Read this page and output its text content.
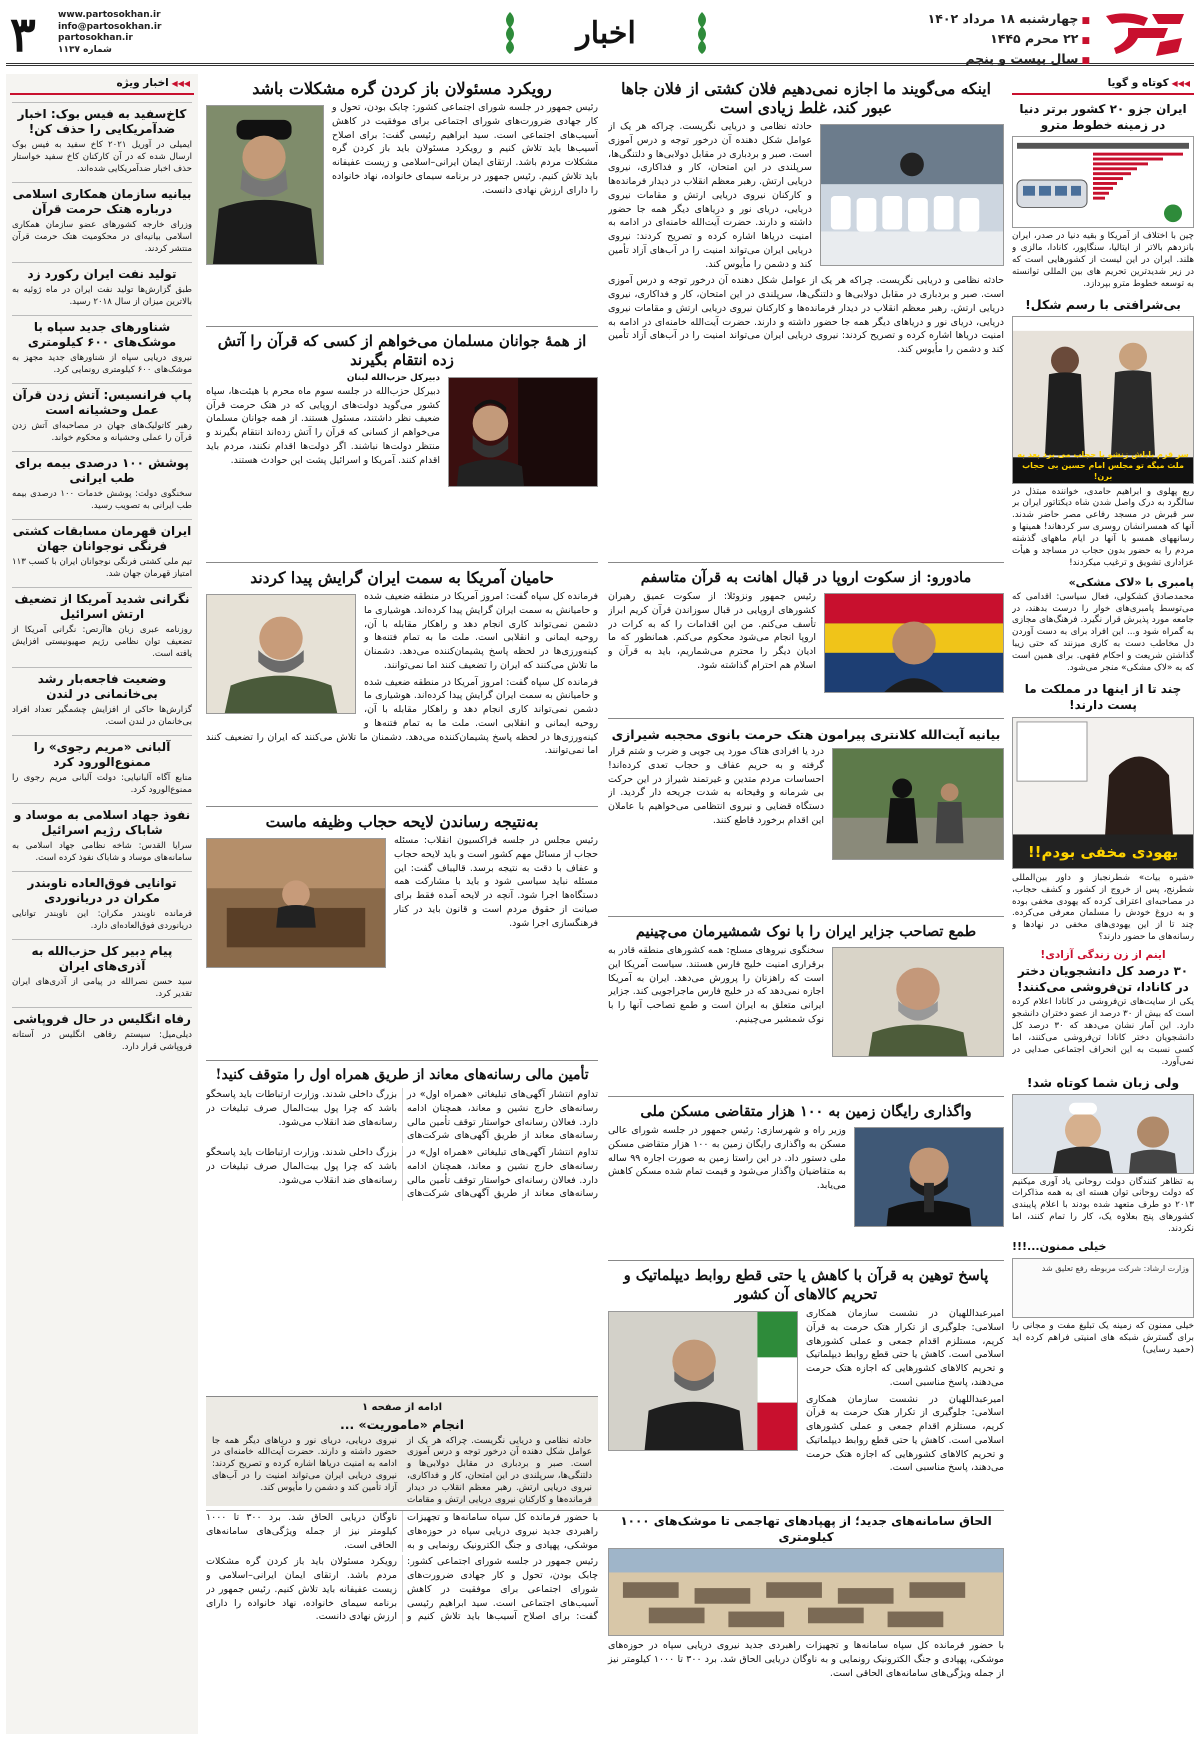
■ چهارشنبه ۱۸ مرداد ۱۴۰۲
■ ۲۲ محرم ۱۴۴۵
■ سال بیست و پنجم
اخبار
www.partosokhan.ir
info@partosokhan.ir
partosokhan.ir
شماره ۱۱۳۷
۳
◀◀◀ کوتاه و گویا
ایران جزو ۲۰ کشور برتر دنیا در زمینه خطوط مترو

چین با اختلاف از آمریکا و بقیه دنیا در صدر، ایران بانزدهم بالاتر از ایتالیا، سنگاپور، کانادا، مالزی و هلند. ایران در این لیست از کشورهایی است که در زیر شدیدترین تحریم های بین المللی توانسته به توسعه خطوط مترو بپردازد.

بی‌شرافتی با رسم شکل!
سر قرم باباش زنشو با حجاب می برد بعد به ملت میگه تو مجلس امام حسین بی حجاب برن!

ربع پهلوی و ابراهیم حامدی، خواننده مبتذل در سالگرد به درک واصل شدن شاه دیکتاتور ایران بر سر قبرش در مسجد رفاعی مصر حاضر شدند. آنها که همسرانشان روسری سر کردهاند! همینها و رسانههای همسو با آنها در ایام ماههای گذشته مردم را به حضور بدون حجاب در مساجد و هیأت عزاداری تشویق و ترغیب میکردند!

پامبری با «لاک مشکی»

محمدصادق کشکولی، فعال سیاسی: اقدامی که می‌توسط پامبری‌های خوار را درست بدهند، در جامعه مورد پذیرش قرار نگیرد. فرهنگ‌های مجازی به گمراه شود و... این افراد برای به دست آوردن دل مخاطب دست به کاری میزنند که حتی زیبا گذاشتن شریعت و احکام فقهی. برای همین است که به «لاک مشکی» منجر می‌شود.

چند تا از اینها در مملکت ما پست دارند!
یهودی مخفی بودم!!

«شیره بیات» شطرنجباز و داور بین‌المللی شطرنج، پس از خروج از کشور و کشف حجاب، در مصاحبه‌ای اعتراف کرده که یهودی مخفی بوده و به دروغ خودش را مسلمان معرفی می‌کرده. چند تا از این یهودی‌های مخفی در نهادها و رسانه‌های ما حضور دارند؟

اینم از زن زندگی آزادی!
۳۰ درصد کل دانشجویان دختر در کانادا، تن‌فروشی می‌کنند!

یکی از سایت‌های تن‌فروشی در کانادا اعلام کرده است که بیش از ۳۰ درصد از عضو دختران دانشجو دارد. این آمار نشان می‌دهد که ۳۰ درصد کل دانشجویان دختر کانادا تن‌فروشی می‌کنند، اما کسی نسبت به این انحراف اجتماعی صدایی در نمی‌آورد.

ولی زبان شما کوتاه شد!

به تظاهر کنندگان دولت روحانی یاد آوری میکنیم که دولت روحانی توان هسته ای به همه مذاکرات ۲۰۱۳ دو طرف متعهد شده بودند با اعلام پایبندی کشورهای پنج بعلاوه یک، کار را تمام کنند، اما نکردند.

خیلی ممنون...!!!
وزارت ارشاد: شرکت مربوطه رفع تعلیق شد

خیلی ممنون که زمینه یک تبلیغ مفت و مجانی را برای گسترش شبکه های امنیتی فراهم کرده اید (حمید رسایی)

◀◀◀ اخبار ویژه
کاخ‌سفید به فیس بوک: اخبار ضدآمریکایی را حذف کن!

ایمیلی در آوریل ۲۰۲۱ کاخ سفید به فیس بوک ارسال شده که در آن کارکنان کاخ سفید خواستار حذف اخبار ضدآمریکایی شده‌اند.

بیانیه سازمان همکاری اسلامی درباره هتک حرمت قرآن

وزرای خارجه کشورهای عضو سازمان همکاری اسلامی بیانیه‌ای در محکومیت هتک حرمت قرآن منتشر کردند.

تولید نفت ایران رکورد زد

طبق گزارش‌ها تولید نفت ایران در ماه ژوئیه به بالاترین میزان از سال ۲۰۱۸ رسید.

شناورهای جدید سپاه با موشک‌های ۶۰۰ کیلومتری

نیروی دریایی سپاه از شناورهای جدید مجهز به موشک‌های ۶۰۰ کیلومتری رونمایی کرد.

پاپ فرانسیس: آتش زدن قرآن عمل وحشیانه است

رهبر کاتولیک‌های جهان در مصاحبه‌ای آتش زدن قرآن را عملی وحشیانه و محکوم خواند.

پوشش ۱۰۰ درصدی بیمه برای طب ایرانی

سخنگوی دولت: پوشش خدمات ۱۰۰ درصدی بیمه طب ایرانی به تصویب رسید.

ایران قهرمان مسابقات کشتی فرنگی نوجوانان جهان

تیم ملی کشتی فرنگی نوجوانان ایران با کسب ۱۱۳ امتیاز قهرمان جهان شد.

نگرانی شدید آمریکا از تضعیف ارتش اسرائیل

روزنامه عبری زبان هاآرتص: نگرانی آمریکا از تضعیف توان نظامی رژیم صهیونیستی افزایش یافته است.

وضعیت فاجعه‌بار رشد بی‌خانمانی در لندن

گزارش‌ها حاکی از افزایش چشمگیر تعداد افراد بی‌خانمان در لندن است.

آلبانی «مریم رجوی» را ممنوع‌الورود کرد

منابع آگاه آلبانیایی: دولت آلبانی مریم رجوی را ممنوع‌الورود کرد.

نفوذ جهاد اسلامی به موساد و شاباک رژیم اسرائیل

سرایا القدس: شاخه نظامی جهاد اسلامی به سامانه‌های موساد و شاباک نفوذ کرده است.

توانایی فوق‌العاده ناوبندر مکران در دریانوردی

فرمانده ناوبندر مکران: این ناوبندر توانایی دریانوردی فوق‌العاده‌ای دارد.

پیام دبیر کل حزب‌الله به آذری‌های ایران

سید حسن نصرالله در پیامی از آذری‌های ایران تقدیر کرد.

رفاه انگلیس در حال فروپاشی

دیلی‌میل: سیستم رفاهی انگلیس در آستانه فروپاشی قرار دارد.

اینکه می‌گویند ما اجازه نمی‌دهیم فلان کشتی از فلان جاها عبور کند، غلط زیادی است

حادثه نظامی و دریایی نگریست. چراکه هر یک از عوامل شکل دهنده آن درخور توجه و درس آموزی است. صبر و بردباری در مقابل دولابی‌ها و دلتنگی‌ها، سرپلندی در این امتحان، کار و فداکاری، نیروی دریایی ارتش. رهبر معظم انقلاب در دیدار فرمانده‌ها و کارکنان نیروی دریایی ارتش و مقامات نیروی دریایی، دریای نور و دریاهای دیگر همه جا حضور داشته و دارند. حضرت آیت‌الله خامنه‌ای در ادامه به امنیت دریاها اشاره کرده و تصریح کردند: نیروی دریایی ایران می‌تواند امنیت را در آب‌های آزاد تأمین کند و دشمن را مأیوس کند.

حادثه نظامی و دریایی نگریست. چراکه هر یک از عوامل شکل دهنده آن درخور توجه و درس آموزی است. صبر و بردباری در مقابل دولابی‌ها و دلتنگی‌ها، سرپلندی در این امتحان، کار و فداکاری، نیروی دریایی ارتش. رهبر معظم انقلاب در دیدار فرمانده‌ها و کارکنان نیروی دریایی ارتش و مقامات نیروی دریایی، دریای نور و دریاهای دیگر همه جا حضور داشته و دارند. حضرت آیت‌الله خامنه‌ای در ادامه به امنیت دریاها اشاره کرده و تصریح کردند: نیروی دریایی ایران می‌تواند امنیت را در آب‌های آزاد تأمین کند و دشمن را مأیوس کند.

رویکرد مسئولان باز کردن گره مشکلات باشد

رئیس جمهور در جلسه شورای اجتماعی کشور: چابک بودن، تحول و کار جهادی ضرورت‌های شورای اجتماعی برای موفقیت در کاهش آسیب‌های اجتماعی است. سید ابراهیم رئیسی گفت: برای اصلاح آسیب‌ها باید تلاش کنیم و رویکرد مسئولان باید باز کردن گره مشکلات مردم باشد. ارتقای ایمان ایرانی–اسلامی و زیست عفیفانه باید تلاش کنیم. رئیس جمهور در برنامه سیمای خانواده، نهاد خانواده را دارای ارزش نهادی دانست.

از همهٔ جوانان مسلمان می‌خواهم از کسی که قرآن را آتش زده انتقام بگیرند
دبیرکل حزب‌الله لبنان

دبیرکل حزب‌الله در جلسه سوم ماه محرم با هیئت‌ها، سپاه کشور می‌گوید دولت‌های اروپایی که در هتک حرمت قرآن ضعیف نظر داشتند، مسئول هستند. از همه جوانان مسلمان می‌خواهم از کسانی که قرآن را آتش زده‌اند انتقام بگیرند و منتظر دولت‌ها نباشند. اگر دولت‌ها اقدام نکنند، مردم باید اقدام کنند. آمریکا و اسرائیل پشت این حوادث هستند.

مادورو: از سکوت اروپا در قبال اهانت به قرآن متاسفم

رئیس جمهور ونزوئلا: از سکوت عمیق رهبران کشورهای اروپایی در قبال سوزاندن قرآن کریم ابراز تأسف می‌کنم. من این اقدامات را که به کرات در اروپا انجام می‌شود محکوم می‌کنم. همانطور که ما ادیان دیگر را محترم می‌شماریم، باید به قرآن و اسلام هم احترام گذاشته شود.

حامیان آمریکا به سمت ایران گرایش پیدا کردند

فرمانده کل سپاه گفت: امروز آمریکا در منطقه ضعیف شده و حامیانش به سمت ایران گرایش پیدا کرده‌اند. هوشیاری ما دشمن نمی‌تواند کاری انجام دهد و راهکار مقابله با آن، روحیه ایمانی و انقلابی است. ملت ما به تمام فتنه‌ها و کینه‌ورزی‌ها در لحظه پاسخ پشیمان‌کننده می‌دهد. دشمنان ما تلاش می‌کنند که ایران را تضعیف کنند اما نمی‌توانند.

فرمانده کل سپاه گفت: امروز آمریکا در منطقه ضعیف شده و حامیانش به سمت ایران گرایش پیدا کرده‌اند. هوشیاری ما دشمن نمی‌تواند کاری انجام دهد و راهکار مقابله با آن، روحیه ایمانی و انقلابی است. ملت ما به تمام فتنه‌ها و کینه‌ورزی‌ها در لحظه پاسخ پشیمان‌کننده می‌دهد. دشمنان ما تلاش می‌کنند که ایران را تضعیف کنند اما نمی‌توانند.

بیانیه آیت‌الله کلانتری پیرامون هتک حرمت بانوی محجبه شیرازی

درد یا افرادی هتاک مورد پی جویی و ضرب و شتم قرار گرفته و به حریم عفاف و حجاب تعدی کرده‌اند! احساسات مردم متدین و غیرتمند شیراز در این حرکت بی شرمانه و وقیحانه به شدت جریحه دار گردید. از دستگاه قضایی و نیروی انتظامی می‌خواهیم با عاملان این اقدام برخورد قاطع کنند.

به‌نتیجه رساندن لایحه حجاب وظیفه ماست

رئیس مجلس در جلسه فراکسیون انقلاب: مسئله حجاب از مسائل مهم کشور است و باید لایحه حجاب و عفاف با دقت به نتیجه برسد. قالیباف گفت: این مسئله نباید سیاسی شود و باید با مشارکت همه دستگاه‌ها اجرا شود. آنچه در لایحه آمده فقط برای صیانت از حقوق مردم است و قانون باید در کنار فرهنگسازی اجرا شود.	طمع تصاحب جزایر ایران را با نوک شمشیرمان می‌چینیم

سخنگوی نیروهای مسلح: همه کشورهای منطقه قادر به برقراری امنیت خلیج فارس هستند. سیاست آمریکا این است که راهزنان را پرورش می‌دهد. ایران به آمریکا اجازه نمی‌دهد که در خلیج فارس ماجراجویی کند. جزایر ایرانی متعلق به ایران است و طمع تصاحب آنها را با نوک شمشیر می‌چینیم.

تأمین مالی رسانه‌های معاند از طریق همراه اول را متوقف کنید!

تداوم انتشار آگهی‌های تبلیغاتی «همراه اول» در رسانه‌های خارج نشین و معاند، همچنان ادامه دارد. فعالان رسانه‌ای خواستار توقف تأمین مالی رسانه‌های معاند از طریق آگهی‌های شرکت‌های بزرگ داخلی شدند. وزارت ارتباطات باید پاسخگو باشد که چرا پول بیت‌المال صرف تبلیغات در رسانه‌های ضد انقلاب می‌شود.

تداوم انتشار آگهی‌های تبلیغاتی «همراه اول» در رسانه‌های خارج نشین و معاند، همچنان ادامه دارد. فعالان رسانه‌ای خواستار توقف تأمین مالی رسانه‌های معاند از طریق آگهی‌های شرکت‌های بزرگ داخلی شدند. وزارت ارتباطات باید پاسخگو باشد که چرا پول بیت‌المال صرف تبلیغات در رسانه‌های ضد انقلاب می‌شود.

واگذاری رایگان زمین به ۱۰۰ هزار متقاضی مسکن ملی

وزیر راه و شهرسازی: رئیس جمهور در جلسه شورای عالی مسکن به واگذاری رایگان زمین به ۱۰۰ هزار متقاضی مسکن ملی دستور داد. در این راستا زمین به صورت اجاره ۹۹ ساله به متقاضیان واگذار می‌شود و قیمت تمام شده مسکن کاهش می‌یابد.

پاسخ توهین به قرآن با کاهش یا حتی قطع روابط دیپلماتیک و تحریم کالاهای آن کشور

امیرعبداللهیان در نشست سازمان همکاری اسلامی: جلوگیری از تکرار هتک حرمت به قرآن کریم، مستلزم اقدام جمعی و عملی کشورهای اسلامی است. کاهش یا حتی قطع روابط دیپلماتیک و تحریم کالاهای کشورهایی که اجازه هتک حرمت می‌دهند، پاسخ مناسبی است.

امیرعبداللهیان در نشست سازمان همکاری اسلامی: جلوگیری از تکرار هتک حرمت به قرآن کریم، مستلزم اقدام جمعی و عملی کشورهای اسلامی است. کاهش یا حتی قطع روابط دیپلماتیک و تحریم کالاهای کشورهایی که اجازه هتک حرمت می‌دهند، پاسخ مناسبی است.

ادامه از صفحه ۱
انجام «ماموریت» ...

حادثه نظامی و دریایی نگریست. چراکه هر یک از عوامل شکل دهنده آن درخور توجه و درس آموزی است. صبر و بردباری در مقابل دولابی‌ها و دلتنگی‌ها، سرپلندی در این امتحان، کار و فداکاری، نیروی دریایی ارتش. رهبر معظم انقلاب در دیدار فرمانده‌ها و کارکنان نیروی دریایی ارتش و مقامات نیروی دریایی، دریای نور و دریاهای دیگر همه جا حضور داشته و دارند. حضرت آیت‌الله خامنه‌ای در ادامه به امنیت دریاها اشاره کرده و تصریح کردند: نیروی دریایی ایران می‌تواند امنیت را در آب‌های آزاد تأمین کند و دشمن را مأیوس کند.

الحاق سامانه‌های جدید؛ از پهپادهای تهاجمی تا موشک‌های ۱۰۰۰ کیلومتری

با حضور فرمانده کل سپاه سامانه‌ها و تجهیزات راهبردی جدید نیروی دریایی سپاه در حوزه‌های موشکی، پهپادی و جنگ الکترونیک رونمایی و به ناوگان دریایی الحاق شد. برد ۳۰۰ تا ۱۰۰۰ کیلومتر نیز از جمله ویژگی‌های سامانه‌های الحاقی است.

با حضور فرمانده کل سپاه سامانه‌ها و تجهیزات راهبردی جدید نیروی دریایی سپاه در حوزه‌های موشکی، پهپادی و جنگ الکترونیک رونمایی و به ناوگان دریایی الحاق شد. برد ۳۰۰ تا ۱۰۰۰ کیلومتر نیز از جمله ویژگی‌های سامانه‌های الحاقی است.

رئیس جمهور در جلسه شورای اجتماعی کشور: چابک بودن، تحول و کار جهادی ضرورت‌های شورای اجتماعی برای موفقیت در کاهش آسیب‌های اجتماعی است. سید ابراهیم رئیسی گفت: برای اصلاح آسیب‌ها باید تلاش کنیم و رویکرد مسئولان باید باز کردن گره مشکلات مردم باشد. ارتقای ایمان ایرانی–اسلامی و زیست عفیفانه باید تلاش کنیم. رئیس جمهور در برنامه سیمای خانواده، نهاد خانواده را دارای ارزش نهادی دانست.
